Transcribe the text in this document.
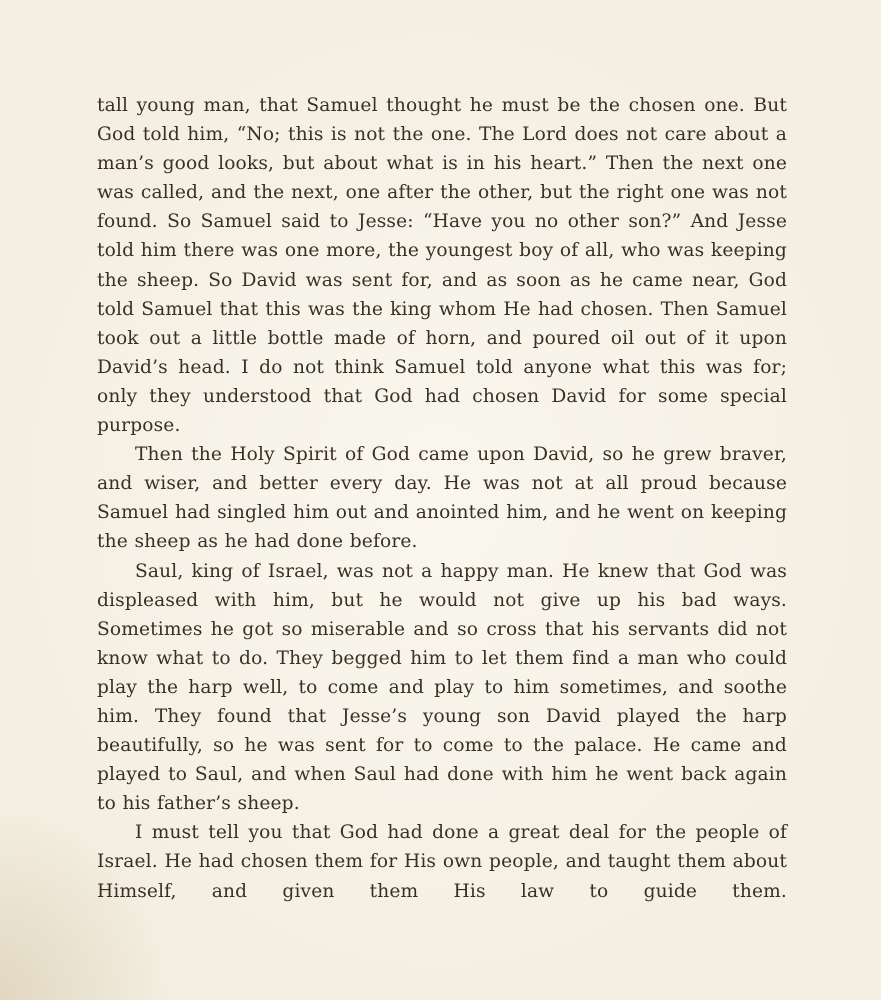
tall young man, that Samuel thought he must be the chosen one. But God told him, “No; this is not the one. The Lord does not care about a man’s good looks, but about what is in his heart.” Then the next one was called, and the next, one after the other, but the right one was not found. So Samuel said to Jesse: “Have you no other son?” And Jesse told him there was one more, the youngest boy of all, who was keeping the sheep. So David was sent for, and as soon as he came near, God told Samuel that this was the king whom He had chosen. Then Samuel took out a little bottle made of horn, and poured oil out of it upon David’s head. I do not think Samuel told anyone what this was for; only they understood that God had chosen David for some special purpose.

Then the Holy Spirit of God came upon David, so he grew braver, and wiser, and better every day. He was not at all proud because Samuel had singled him out and anointed him, and he went on keeping the sheep as he had done before.

Saul, king of Israel, was not a happy man. He knew that God was displeased with him, but he would not give up his bad ways. Sometimes he got so miserable and so cross that his servants did not know what to do. They begged him to let them find a man who could play the harp well, to come and play to him sometimes, and soothe him. They found that Jesse’s young son David played the harp beautifully, so he was sent for to come to the palace. He came and played to Saul, and when Saul had done with him he went back again to his father’s sheep.

I must tell you that God had done a great deal for the people of Israel. He had chosen them for His own people, and taught them about Himself, and given them His law to guide them.
